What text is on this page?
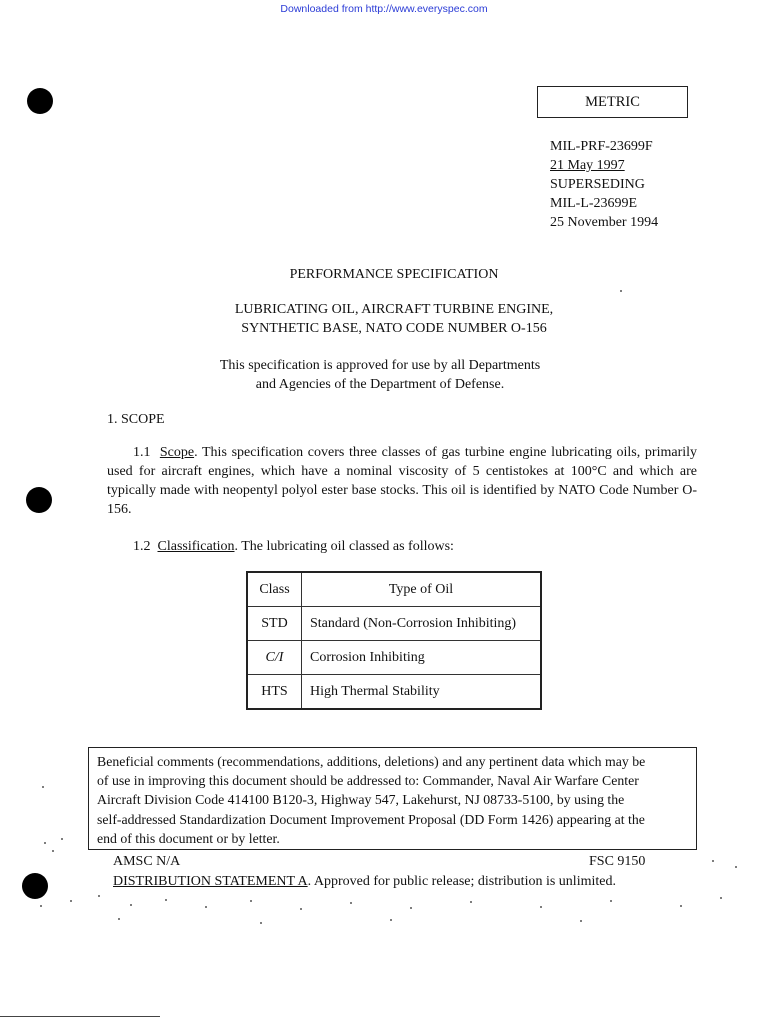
Downloaded from http://www.everyspec.com
METRIC
MIL-PRF-23699F
21 May 1997
SUPERSEDING
MIL-L-23699E
25 November 1994
PERFORMANCE SPECIFICATION
LUBRICATING OIL, AIRCRAFT TURBINE ENGINE,
SYNTHETIC BASE, NATO CODE NUMBER O-156
This specification is approved for use by all Departments
and Agencies of the Department of Defense.
1. SCOPE
1.1 Scope. This specification covers three classes of gas turbine engine lubricating oils, primarily used for aircraft engines, which have a nominal viscosity of 5 centistokes at 100°C and which are typically made with neopentyl polyol ester base stocks. This oil is identified by NATO Code Number O-156.
1.2 Classification. The lubricating oil classed as follows:
Class	Type of Oil
STD	Standard (Non-Corrosion Inhibiting)
C/I	Corrosion Inhibiting
HTS	High Thermal Stability
Beneficial comments (recommendations, additions, deletions) and any pertinent data which may be
of use in improving this document should be addressed to: Commander, Naval Air Warfare Center
Aircraft Division Code 414100 B120-3, Highway 547, Lakehurst, NJ 08733-5100, by using the
self-addressed Standardization Document Improvement Proposal (DD Form 1426) appearing at the
end of this document or by letter.
AMSC N/A	FSC 9150
DISTRIBUTION STATEMENT A. Approved for public release; distribution is unlimited.
